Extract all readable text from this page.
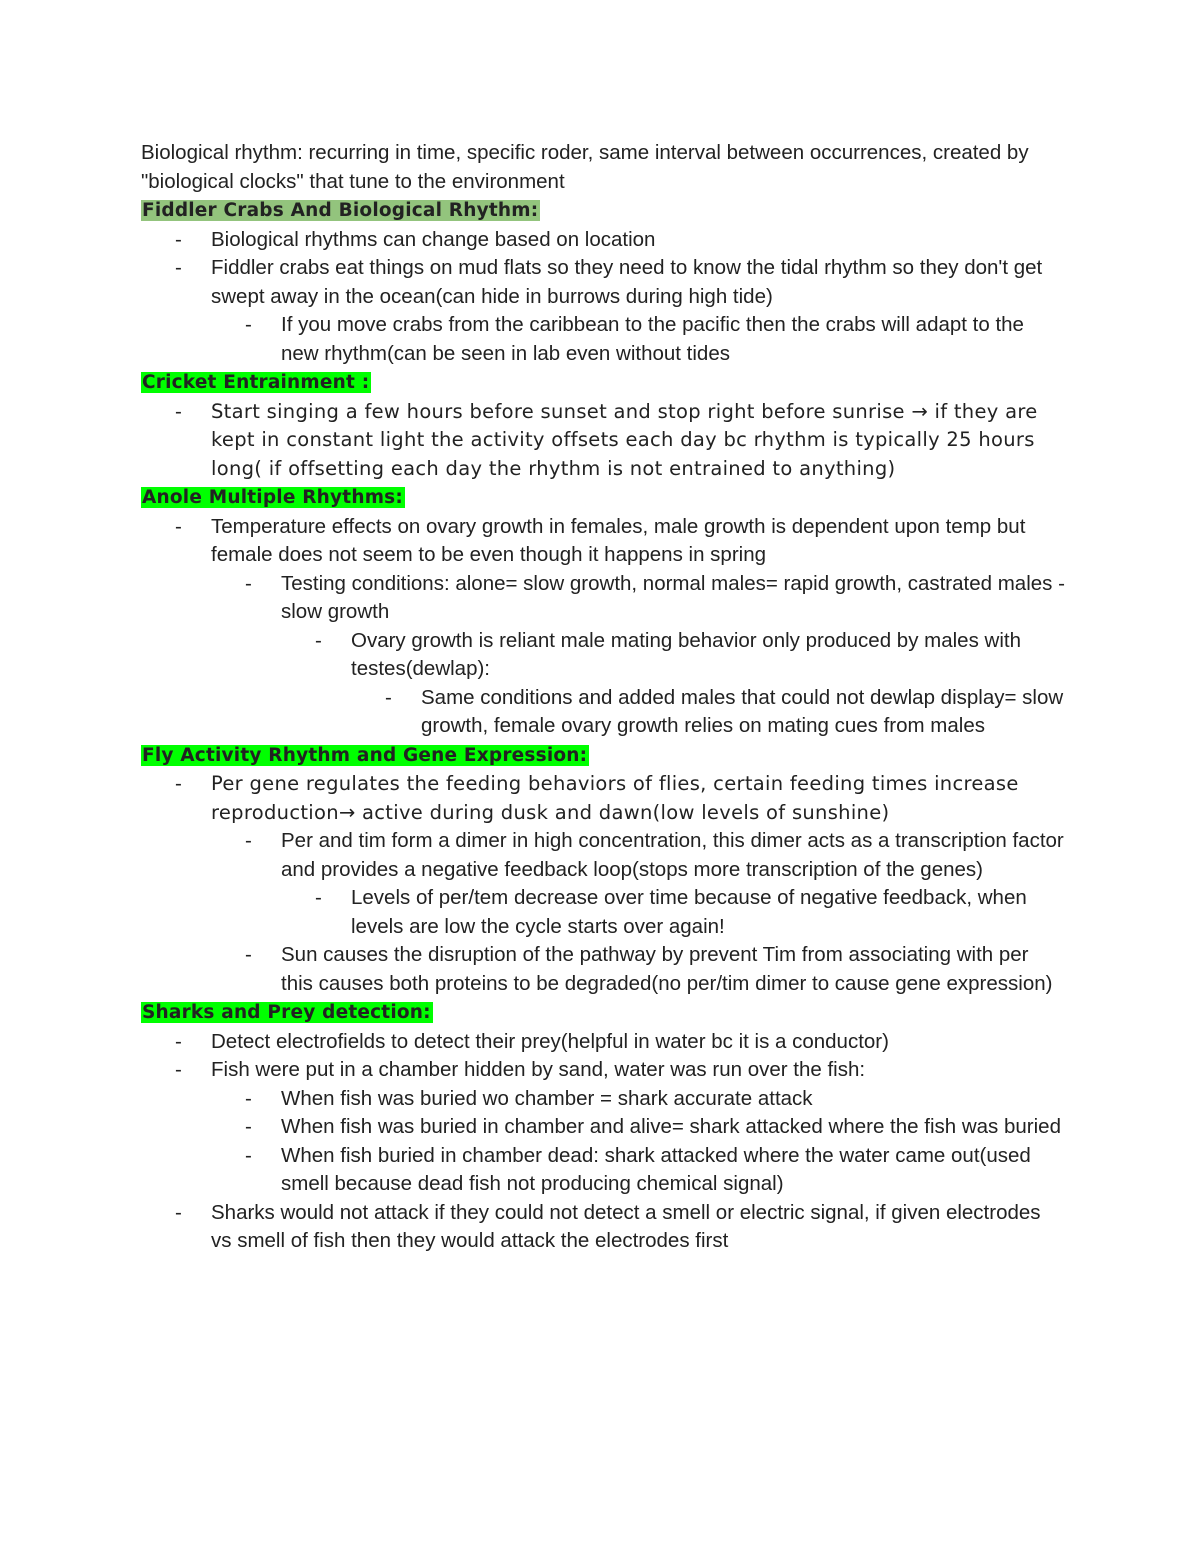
Biological rhythm: recurring in time, specific roder, same interval between occurrences, created by "biological clocks" that tune to the environment

Fiddler Crabs And Biological Rhythm:

- Biological rhythms can change based on location
- Fiddler crabs eat things on mud flats so they need to know the tidal rhythm so they don't get swept away in the ocean(can hide in burrows during high tide)
- If you move crabs from the caribbean to the pacific then the crabs will adapt to the new rhythm(can be seen in lab even without tides

Cricket Entrainment :

- Start singing a few hours before sunset and stop right before sunrise → if they are kept in constant light the activity offsets each day bc rhythm is typically 25 hours long( if offsetting each day the rhythm is not entrained to anything)

Anole Multiple Rhythms:

- Temperature effects on ovary growth in females, male growth is dependent upon temp but female does not seem to be even though it happens in spring
- Testing conditions: alone= slow growth, normal males= rapid growth, castrated males - slow growth
- Ovary growth is reliant male mating behavior only produced by males with testes(dewlap):
- Same conditions and added males that could not dewlap display= slow growth, female ovary growth relies on mating cues from males

Fly Activity Rhythm and Gene Expression:

- Per gene regulates the feeding behaviors of flies, certain feeding times increase reproduction→ active during dusk and dawn(low levels of sunshine)
- Per and tim form a dimer in high concentration, this dimer acts as a transcription factor and provides a negative feedback loop(stops more transcription of the genes)
- Levels of per/tem decrease over time because of negative feedback, when levels are low the cycle starts over again!
- Sun causes the disruption of the pathway by prevent Tim from associating with per this causes both proteins to be degraded(no per/tim dimer to cause gene expression)

Sharks and Prey detection:

- Detect electrofields to detect their prey(helpful in water bc it is a conductor)
- Fish were put in a chamber hidden by sand, water was run over the fish:
- When fish was buried wo chamber = shark accurate attack
- When fish was buried in chamber and alive= shark attacked where the fish was buried
- When fish buried in chamber dead: shark attacked where the water came out(used smell because dead fish not producing chemical signal)
- Sharks would not attack if they could not detect a smell or electric signal, if given electrodes vs smell of fish then they would attack the electrodes first
